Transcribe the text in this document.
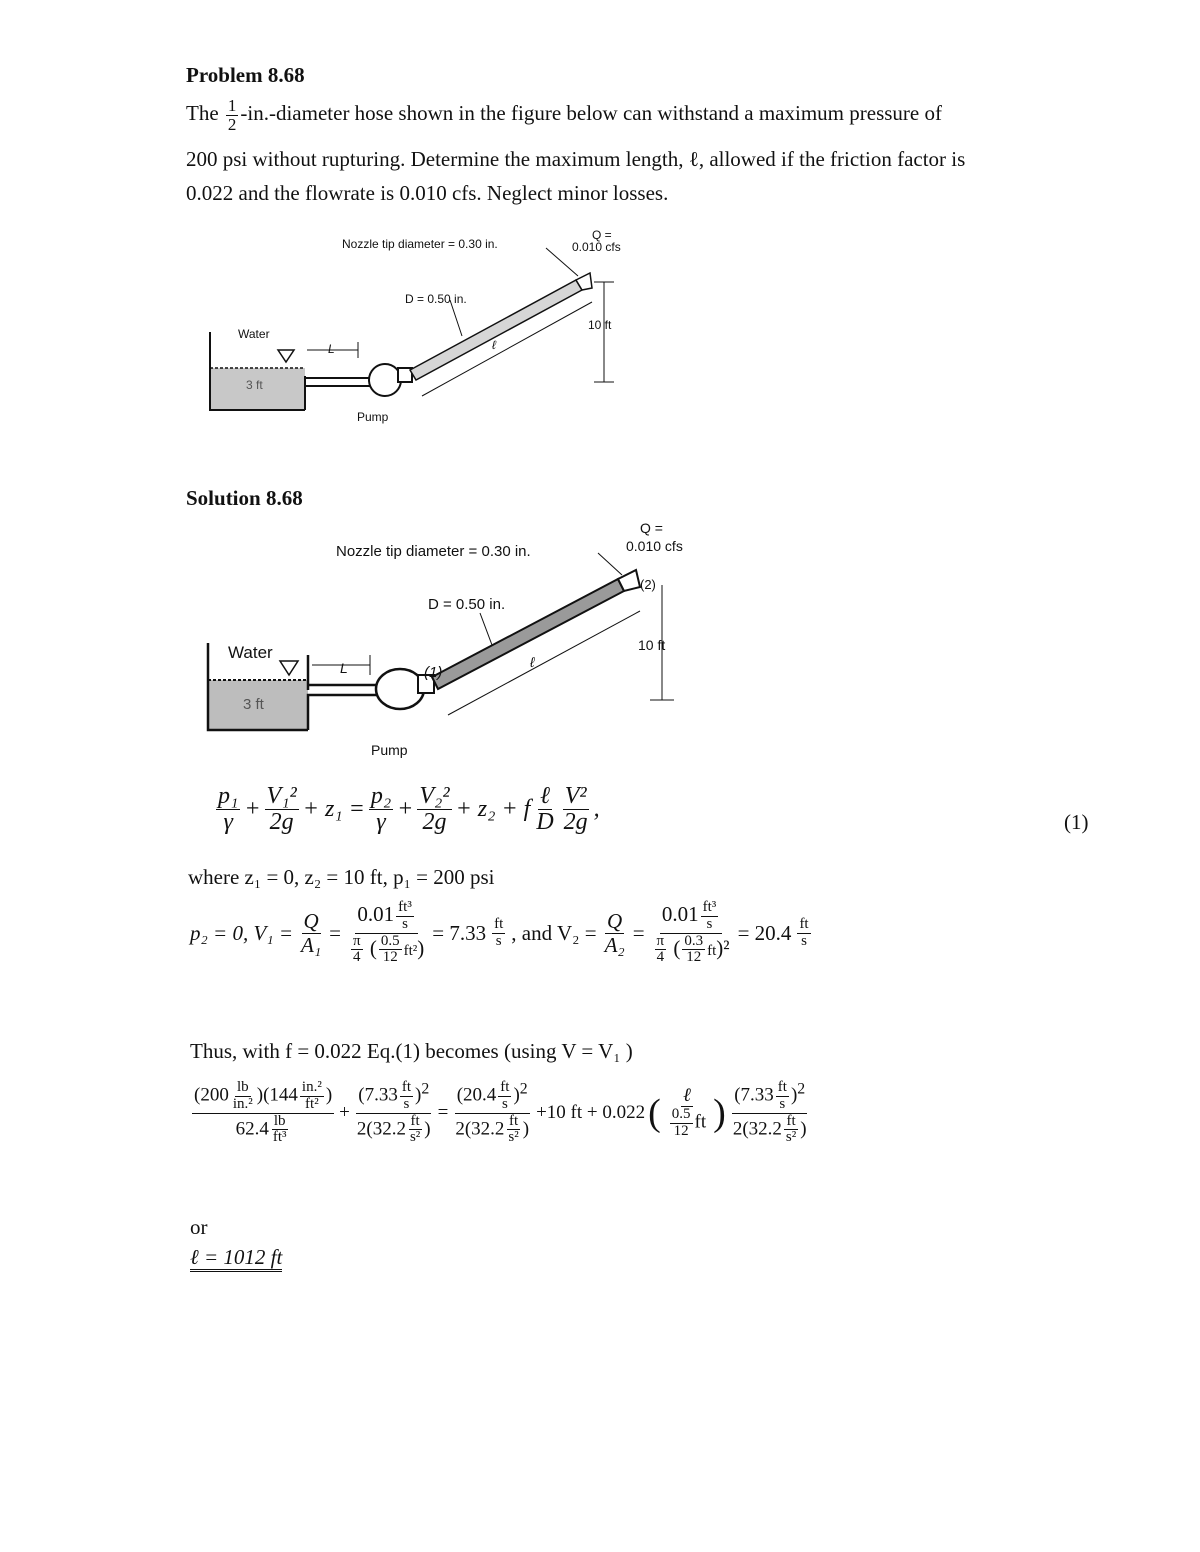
Problem 8.68
The $\frac{1}{2}$ -in.-diameter hose shown in the figure below can withstand a maximum pressure of
200 psi without rupturing. Determine the maximum length, ℓ, allowed if the friction factor is
0.022 and the flowrate is 0.010 cfs. Neglect minor losses.
Nozzle tip diameter = 0.30 in.
Q =
0.010 cfs
D = 0.50 in.
10 ft
Water
3 ft
L	ℓ
Pump
Solution 8.68
Nozzle tip diameter = 0.30 in.
Q =
0.010 cfs
(2)
D = 0.50 in.
10 ft
Water
3 ft
L	(1)
ℓ
Pump
$\frac{\text{p₁}}{\gamma} + \frac{\text{V₁²}}{2g} + z_1 = \frac{\text{p₂}}{\gamma} + \frac{\text{V₂²}}{2g} + z_2 + f \frac{\text{ℓ}}{D} \frac{\text{V²}}{2g}$ ,	(1)
where z₁ = 0, z₂ = 10 ft, p₁ = 200 psi
p₂ = 0, $V_1 = \frac{Q}{\text{A₁}} = \frac{0.01 \frac{\text{ft³}}{s}}{\frac{\pi}{4} ( \frac{0.5}{12} ft^2)} = 7.33 \frac{ft}{s}$ , and $V_2 = \frac{Q}{\text{A₂}} = \frac{0.01 \frac{\text{ft³}}{s}}{\frac{\pi}{4} ( \frac{0.3}{12} ft)^2} = 20.4 \frac{ft}{s}$
Thus, with f = 0.022 Eq.(1) becomes (using V = V₁ )
$\frac{(200 \frac{lb}{\text{in.²}} )(144 \frac{\text{in.²}}{\text{ft²}} )}{62.4 \frac{lb}{\text{ft³}}} + \frac{(7.33 \frac{ft}{s} )^2}{2(32.2 \frac{ft}{\text{s²}} )} = \frac{(20.4 \frac{ft}{s} )^2}{2(32.2 \frac{ft}{\text{s²}} )} +10$ ft + 0.022 ( $\frac{\text{ℓ}}{\frac{0.5}{12} ft}$ ) $\frac{(7.33 \frac{ft}{s} )^2}{2(32.2 \frac{ft}{\text{s²}} )}$
or
ℓ = 1012 ft
